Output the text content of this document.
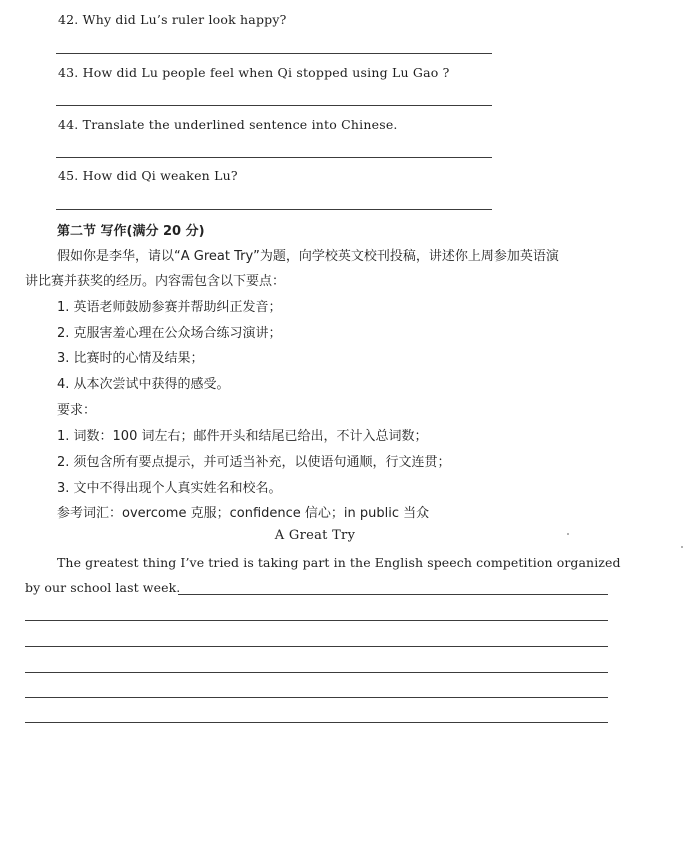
42. Why did Lu’s ruler look happy?
43. How did Lu people feel when Qi stopped using Lu Gao ?
44. Translate the underlined sentence into Chinese.
45. How did Qi weaken Lu?
第二节 写作(满分 20 分)
假如你是李华，请以“A Great Try”为题，向学校英文校刊投稿，讲述你上周参加英语演
讲比赛并获奖的经历。内容需包含以下要点：
1. 英语老师鼓励参赛并帮助纠正发音；
2. 克服害羞心理在公众场合练习演讲；
3. 比赛时的心情及结果；
4. 从本次尝试中获得的感受。
要求：
1. 词数：100 词左右；邮件开头和结尾已给出，不计入总词数；
2. 须包含所有要点提示，并可适当补充，以使语句通顺，行文连贯；
3. 文中不得出现个人真实姓名和校名。
参考词汇：overcome 克服；confidence 信心；in public 当众
A Great Try
The greatest thing I’ve tried is taking part in the English speech competition organized
by our school last week.
